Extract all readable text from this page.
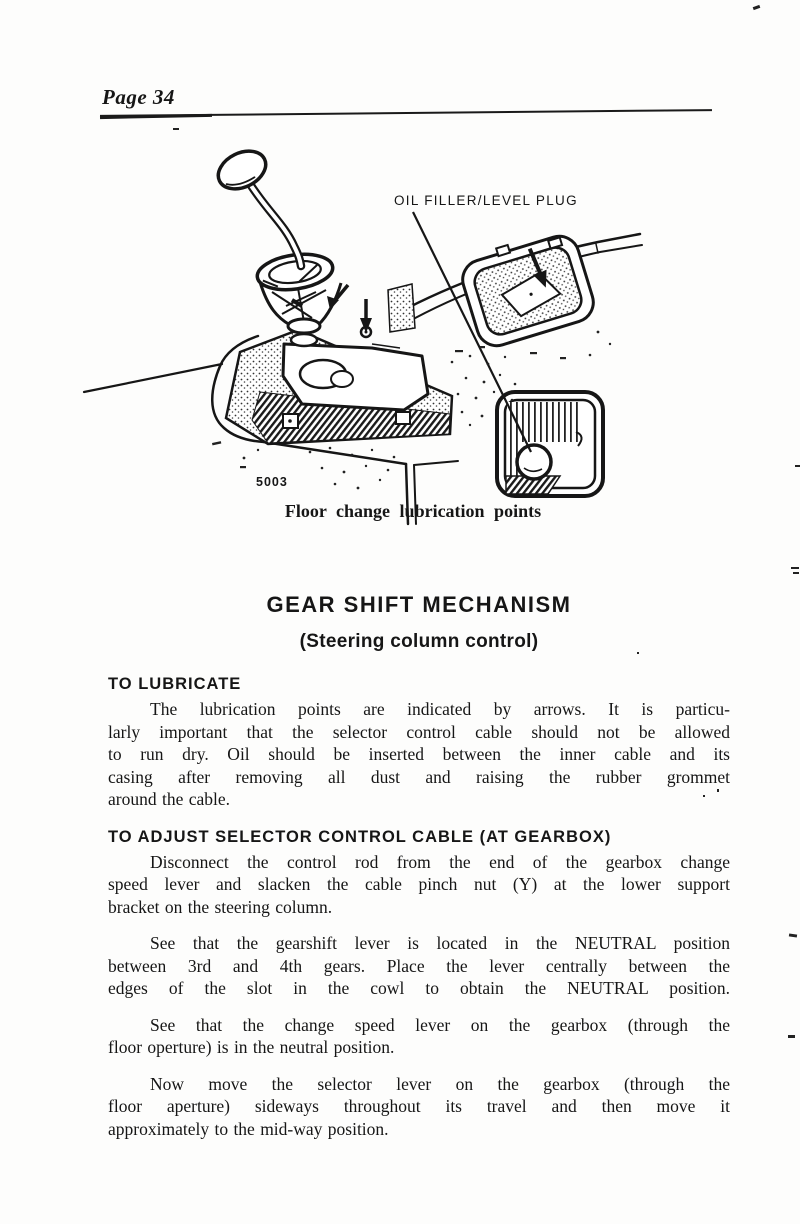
Page 34
OIL FILLER/LEVEL PLUG
5003
Floor change lubrication points
GEAR SHIFT MECHANISM
(Steering column control)
TO LUBRICATE
The lubrication points are indicated by arrows. It is particu-
larly important that the selector control cable should not be allowed
to run dry. Oil should be inserted between the inner cable and its
casing after removing all dust and raising the rubber grommet
around the cable.
TO ADJUST SELECTOR CONTROL CABLE (AT GEARBOX)
Disconnect the control rod from the end of the gearbox change
speed lever and slacken the cable pinch nut (Y) at the lower support
bracket on the steering column.
See that the gearshift lever is located in the NEUTRAL position
between 3rd and 4th gears. Place the lever centrally between the
edges of the slot in the cowl to obtain the NEUTRAL position.
See that the change speed lever on the gearbox (through the
floor operture) is in the neutral position.
Now move the selector lever on the gearbox (through the
floor aperture) sideways throughout its travel and then move it
approximately to the mid-way position.
